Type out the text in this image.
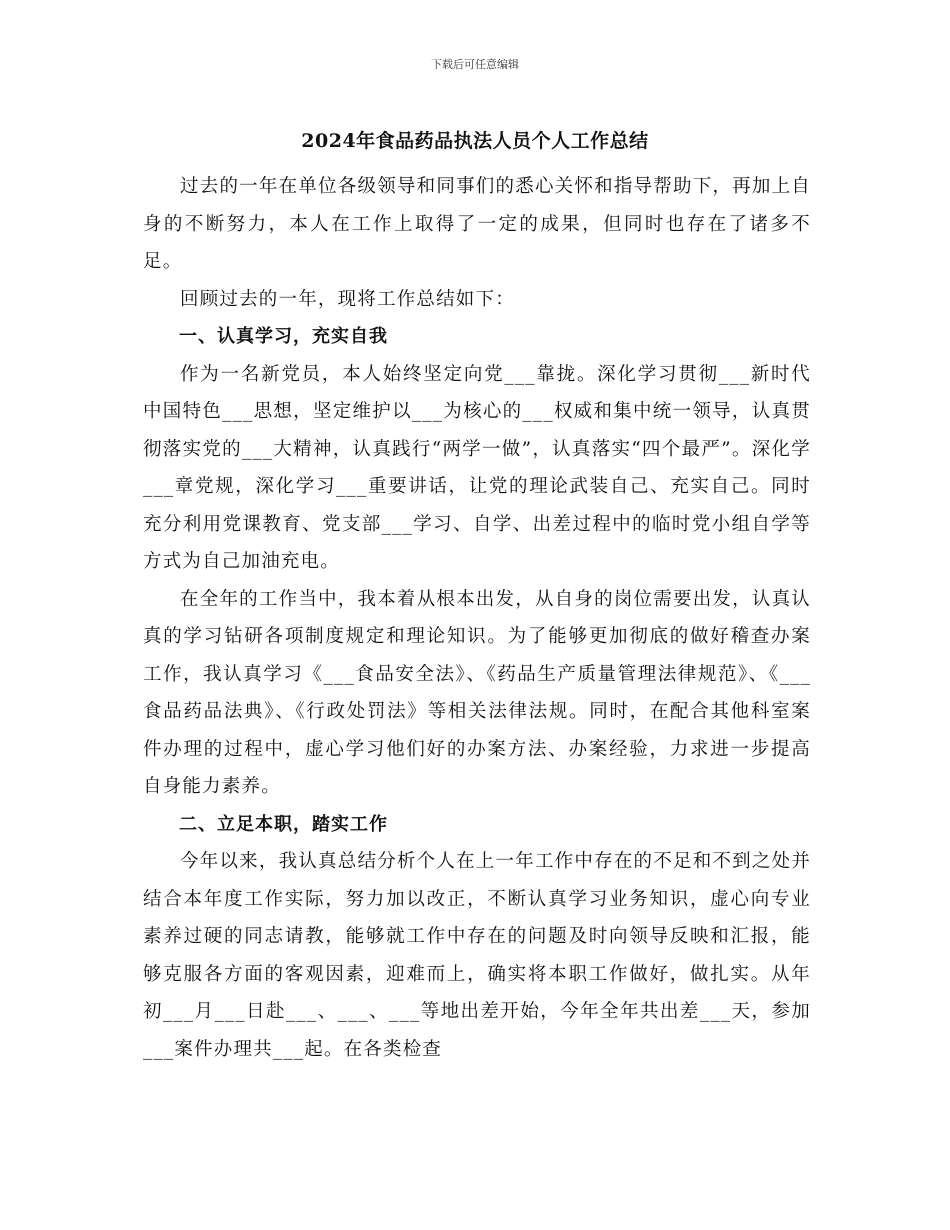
下载后可任意编辑
2024年食品药品执法人员个人工作总结

过去的一年在单位各级领导和同事们的悉心关怀和指导帮助下，再加上自身的不断努力，本人在工作上取得了一定的成果，但同时也存在了诸多不足。

回顾过去的一年，现将工作总结如下：

一、认真学习，充实自我

作为一名新党员，本人始终坚定向党___靠拢。深化学习贯彻___新时代中国特色___思想，坚定维护以___为核心的___权威和集中统一领导，认真贯彻落实党的___大精神，认真践行“两学一做”，认真落实“四个最严”。深化学___章党规，深化学习___重要讲话，让党的理论武装自己、充实自己。同时充分利用党课教育、党支部___学习、自学、出差过程中的临时党小组自学等方式为自己加油充电。

在全年的工作当中，我本着从根本出发，从自身的岗位需要出发，认真认真的学习钻研各项制度规定和理论知识。为了能够更加彻底的做好稽查办案工作，我认真学习《___食品安全法》、《药品生产质量管理法律规范》、《___食品药品法典》、《行政处罚法》等相关法律法规。同时，在配合其他科室案件办理的过程中，虚心学习他们好的办案方法、办案经验，力求进一步提高自身能力素养。

二、立足本职，踏实工作

今年以来，我认真总结分析个人在上一年工作中存在的不足和不到之处并结合本年度工作实际，努力加以改正，不断认真学习业务知识，虚心向专业素养过硬的同志请教，能够就工作中存在的问题及时向领导反映和汇报，能够克服各方面的客观因素，迎难而上，确实将本职工作做好，做扎实。从年初___月___日赴___、___、___等地出差开始，今年全年共出差___天，参加___案件办理共___起。在各类检查
